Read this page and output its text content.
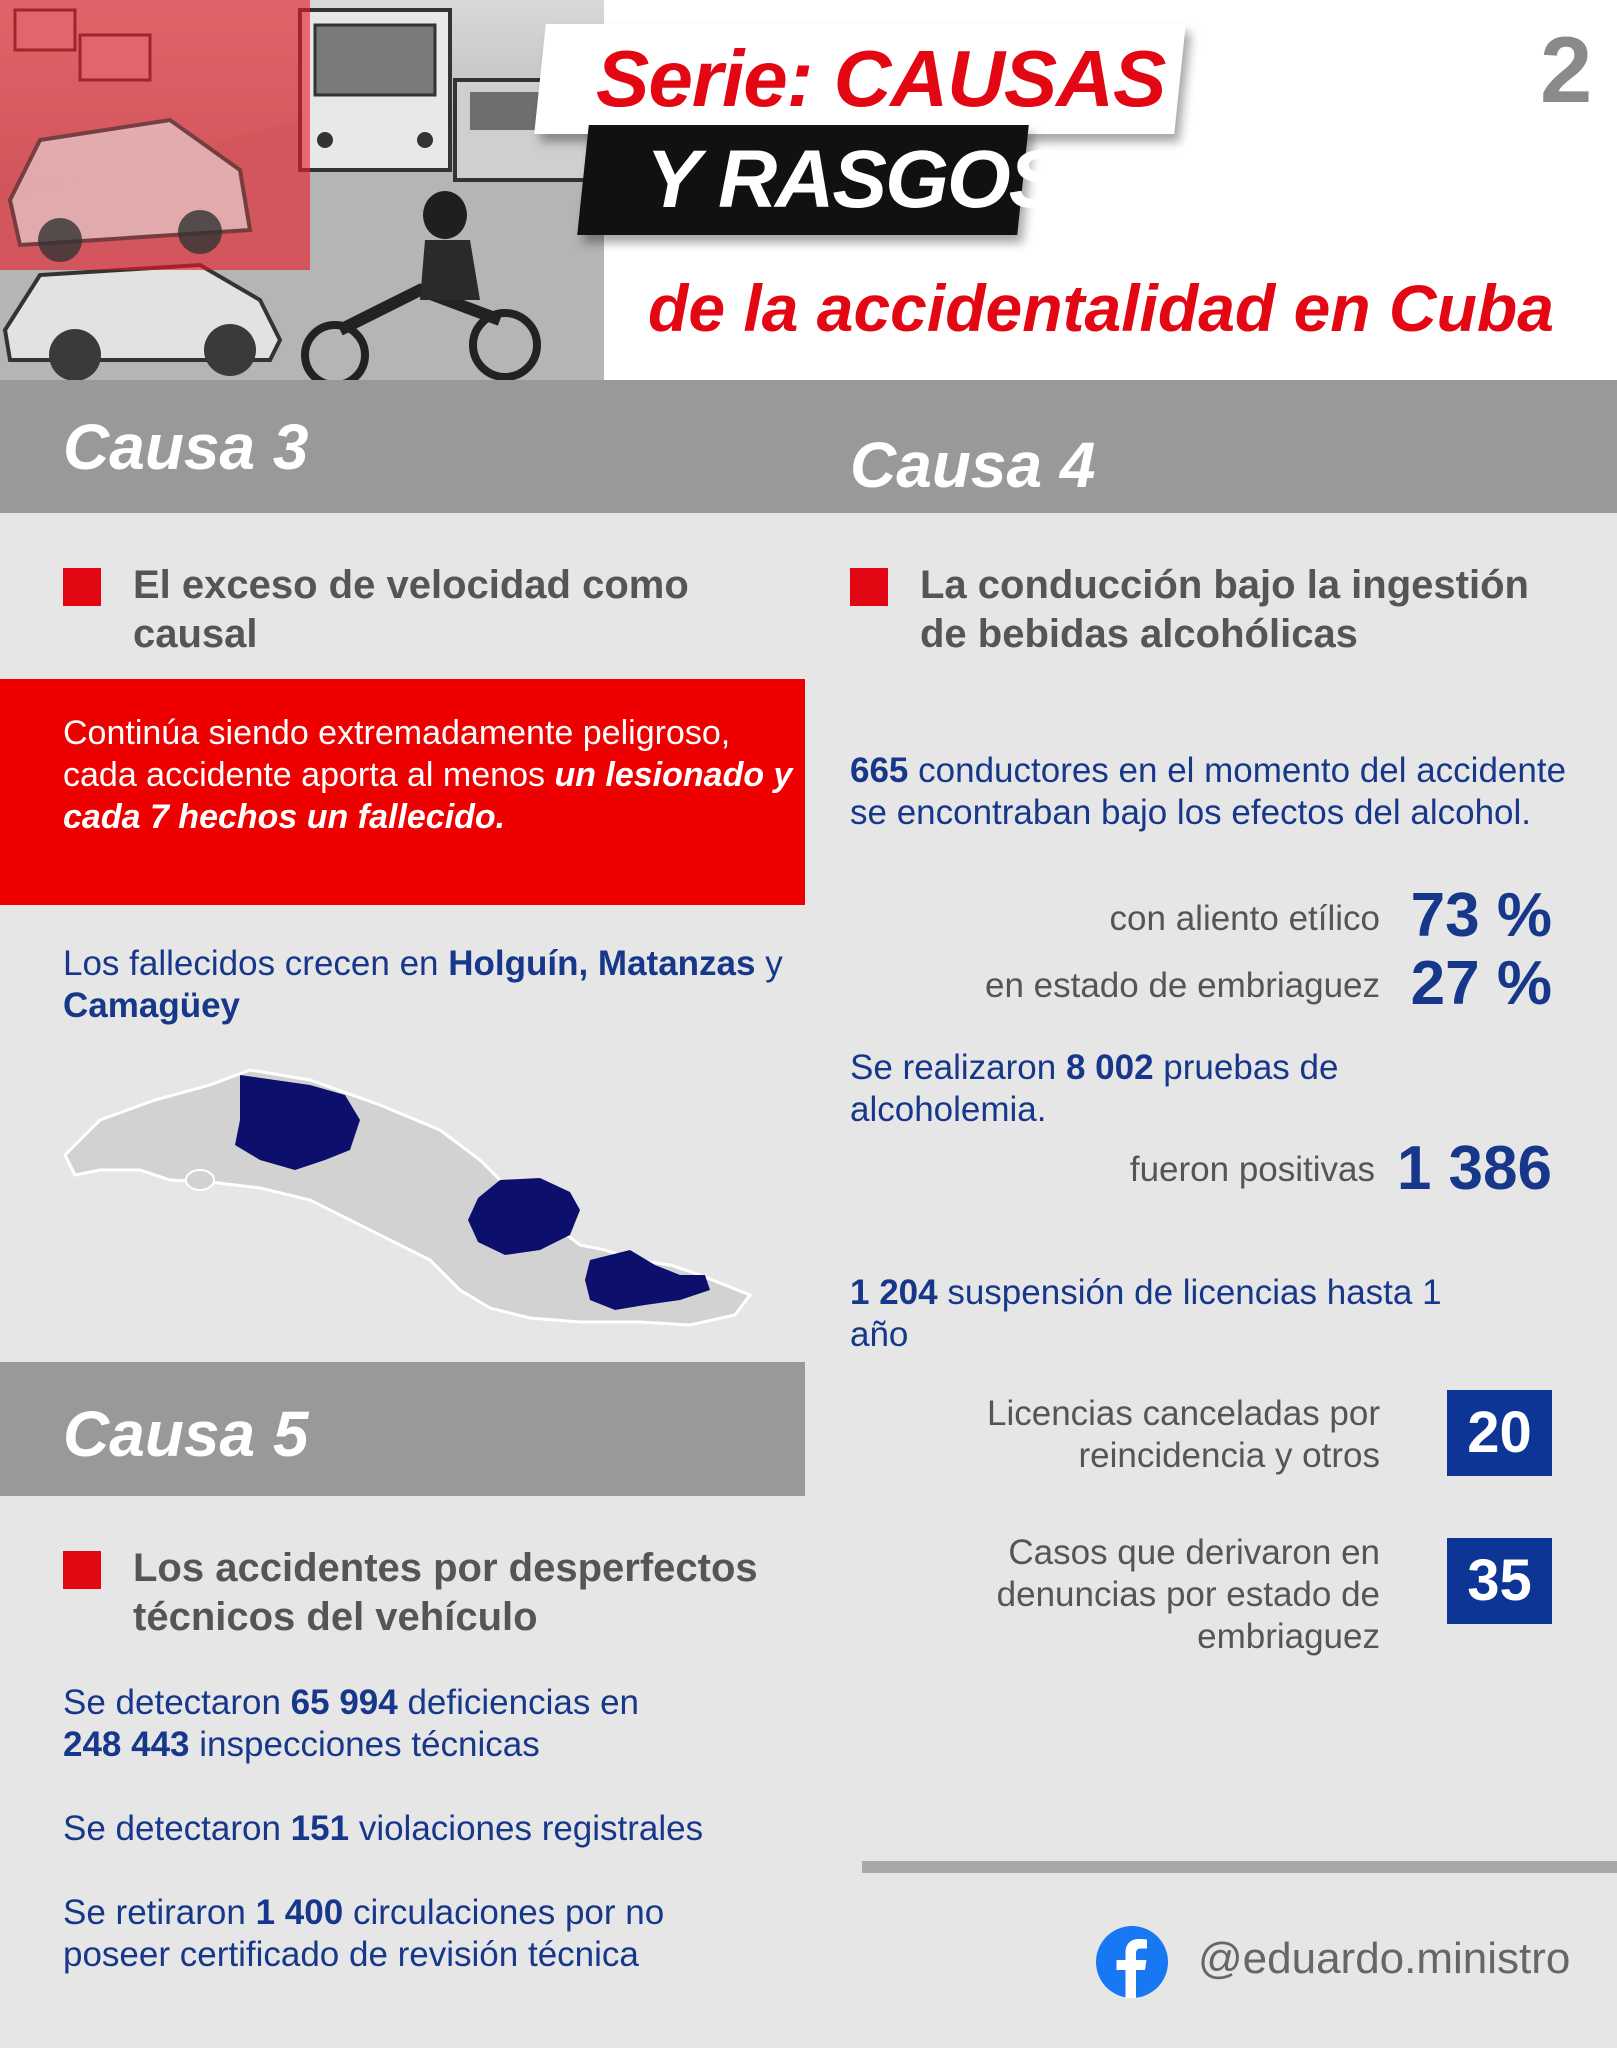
Serie: CAUSAS
Y RASGOS
de la accidentalidad en Cuba
2
Causa 3	Causa 4
El exceso de velocidad como causal
Continúa siendo extremadamente peligroso, cada accidente aporta al menos un lesionado y cada 7 hechos un fallecido.
Los fallecidos crecen en Holguín, Matanzas y Camagüey
La conducción bajo la ingestión de bebidas alcohólicas
665 conductores en el momento del accidente se encontraban bajo los efectos del alcohol.
con aliento etílico 73 %
en estado de embriaguez 27 %
Se realizaron 8 002 pruebas de alcoholemia.
fueron positivas 1 386
1 204 suspensión de licencias hasta 1 año
Licencias canceladas por reincidencia y otros	20
Casos que derivaron en denuncias por estado de embriaguez
35
Causa 5
Los accidentes por desperfectos técnicos del vehículo
Se detectaron 65 994 deficiencias en
248 443 inspecciones técnicas
Se detectaron 151 violaciones registrales
Se retiraron 1 400 circulaciones por no poseer certificado de revisión técnica	@eduardo.ministro
